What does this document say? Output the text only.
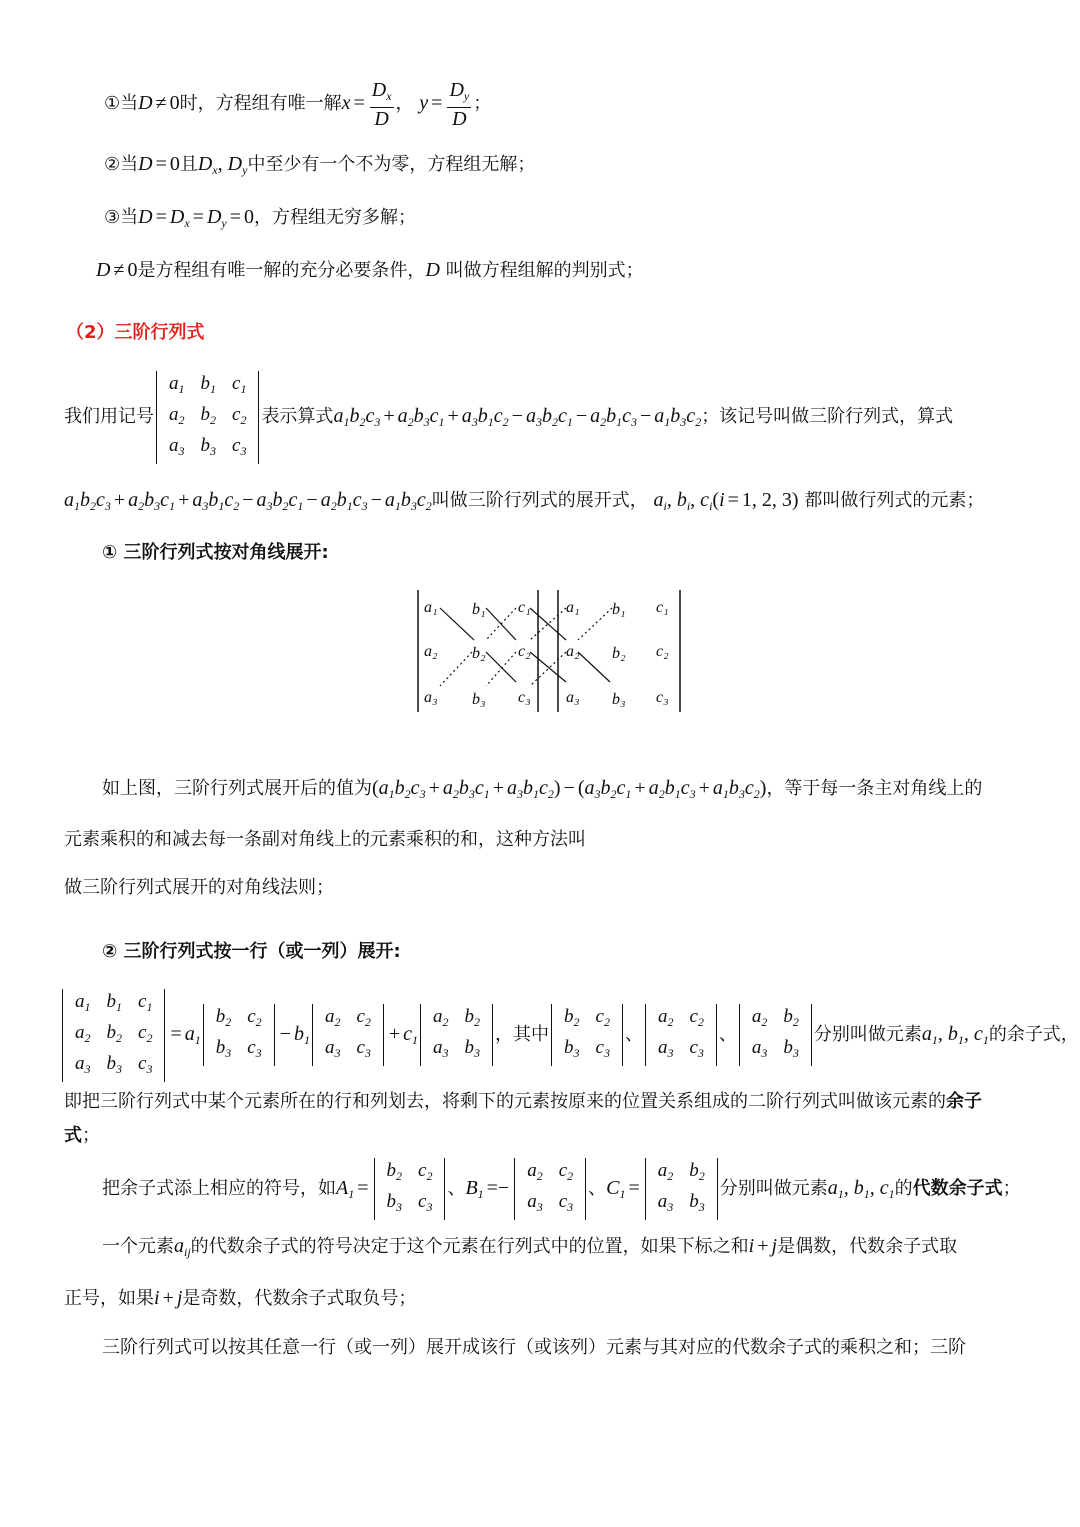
①当D ≠ 0时，方程组有唯一解$x = \frac{D_x}{D}$ ， $y = \frac{D_y}{D}$ ；
②当D = 0且$D_x$, $D_y$中至少有一个不为零，方程组无解；
③当$D = D_x = D_y = 0$，方程组无穷多解；
D ≠ 0是方程组有唯一解的充分必要条件，D 叫做方程组解的判别式；
（2）三阶行列式
我们用记号
$a_1$	$b_1$	$c_1$
$a_2$	$b_2$	$c_2$
$a_3$	$b_3$	$c_3$
表示算式$a_1b_2c_3 + a_2b_3c_1 + a_3b_1c_2 - a_3b_2c_1 - a_2b_1c_3 - a_1b_3c_2$；该记号叫做三阶行列式，算式
$a_1b_2c_3 + a_2b_3c_1 + a_3b_1c_2 - a_3b_2c_1 - a_2b_1c_3 - a_1b_3c_2$叫做三阶行列式的展开式， $a_i$, $b_i$, $c_i(i = 1$, 2, 3) 都叫做行列式的元素；
① 三阶行列式按对角线展开:
a₁ b₁ c₁
a₂ b₂ c₂
a₃ b₃ c₃
a₁ b₁ c₁
a₂ b₂ c₂
a₃ b₃ c₃
如上图，三阶行列式展开后的值为$(a_1b_2c_3 + a_2b_3c_1 + a_3b_1c_2) - (a_3b_2c_1 + a_2b_1c_3 + a_1b_3c_2)$，等于每一条主对角线上的
元素乘积的和减去每一条副对角线上的元素乘积的和，这种方法叫
做三阶行列式展开的对角线法则；
② 三阶行列式按一行（或一列）展开:
$a_1$	$b_1$	$c_1$
$a_2$	$b_2$	$c_2$
$a_3$	$b_3$	$c_3$
= $a_1$
$b_2$	$c_2$
$b_3$	$c_3$
− $b_1$
$a_2$	$c_2$
$a_3$	$c_3$
+ $c_1$
$a_2$	$b_2$
$a_3$	$b_3$
，其中
$b_2$	$c_2$
$b_3$	$c_3$
、
$a_2$	$c_2$
$a_3$	$c_3$
、
$a_2$	$b_2$
$a_3$	$b_3$
分别叫做元素$a_1$, $b_1$, $c_1$的余子式，
即把三阶行列式中某个元素所在的行和列划去，将剩下的元素按原来的位置关系组成的二阶行列式叫做该元素的余子
式；
把余子式添上相应的符号，如$A_1$ =
$b_2$	$c_2$
$b_3$	$c_3$
、$B_1$ =−
$a_2$	$c_2$
$a_3$	$c_3$
、$C_1$ =
$a_2$	$b_2$
$a_3$	$b_3$
分别叫做元素$a_1$, $b_1$, $c_1$的代数余子式；
一个元素$a_{ij}$的代数余子式的符号决定于这个元素在行列式中的位置，如果下标之和i + j是偶数，代数余子式取
正号，如果i + j是奇数，代数余子式取负号；
三阶行列式可以按其任意一行（或一列）展开成该行（或该列）元素与其对应的代数余子式的乘积之和；三阶
